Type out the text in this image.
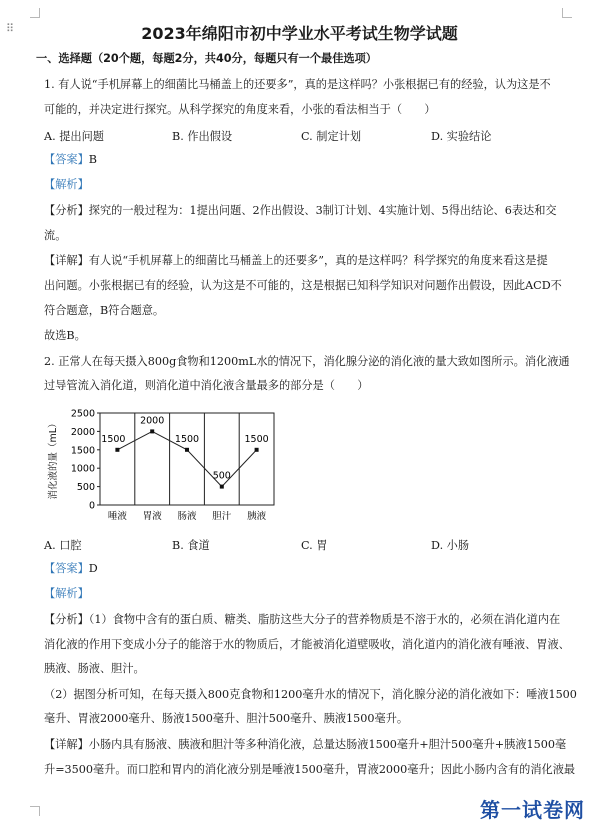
⠿	2023年绵阳市初中学业水平考试生物学试题
一、选择题（20个题，每题2分，共40分，每题只有一个最佳选项）
1. 有人说“手机屏幕上的细菌比马桶盖上的还要多”，真的是这样吗？小张根据已有的经验，认为这是不
可能的，并决定进行探究。从科学探究的角度来看，小张的看法相当于（　　）
A. 提出问题	B. 作出假设	C. 制定计划	D. 实验结论
【答案】B
【解析】
【分析】探究的一般过程为：1提出问题、2作出假设、3制订计划、4实施计划、5得出结论、6表达和交
流。
【详解】有人说“手机屏幕上的细菌比马桶盖上的还要多”，真的是这样吗？科学探究的角度来看这是提
出问题。小张根据已有的经验，认为这是不可能的，这是根据已知科学知识对问题作出假设，因此ACD不
符合题意，B符合题意。
故选B。
2. 正常人在每天摄入800g食物和1200mL水的情况下，消化腺分泌的消化液的量大致如图所示。消化液通
过导管流入消化道，则消化道中消化液含量最多的部分是（　　）
0
500
1000
1500
2000
2500
唾液 胃液 肠液 胆汁 胰液
1500
2000
1500
500
1500
消化液的量（mL）
A. 口腔	B. 食道	C. 胃	D. 小肠
【答案】D
【解析】
【分析】（1）食物中含有的蛋白质、糖类、脂肪这些大分子的营养物质是不溶于水的，必须在消化道内在
消化液的作用下变成小分子的能溶于水的物质后，才能被消化道壁吸收，消化道内的消化液有唾液、胃液、
胰液、肠液、胆汁。
（2）据图分析可知，在每天摄入800克食物和1200毫升水的情况下，消化腺分泌的消化液如下：唾液1500
毫升、胃液2000毫升、肠液1500毫升、胆汁500毫升、胰液1500毫升。
【详解】小肠内具有肠液、胰液和胆汁等多种消化液，总量达肠液1500毫升+胆汁500毫升+胰液1500毫
升=3500毫升。而口腔和胃内的消化液分别是唾液1500毫升，胃液2000毫升；因此小肠内含有的消化液最
第一试卷网
